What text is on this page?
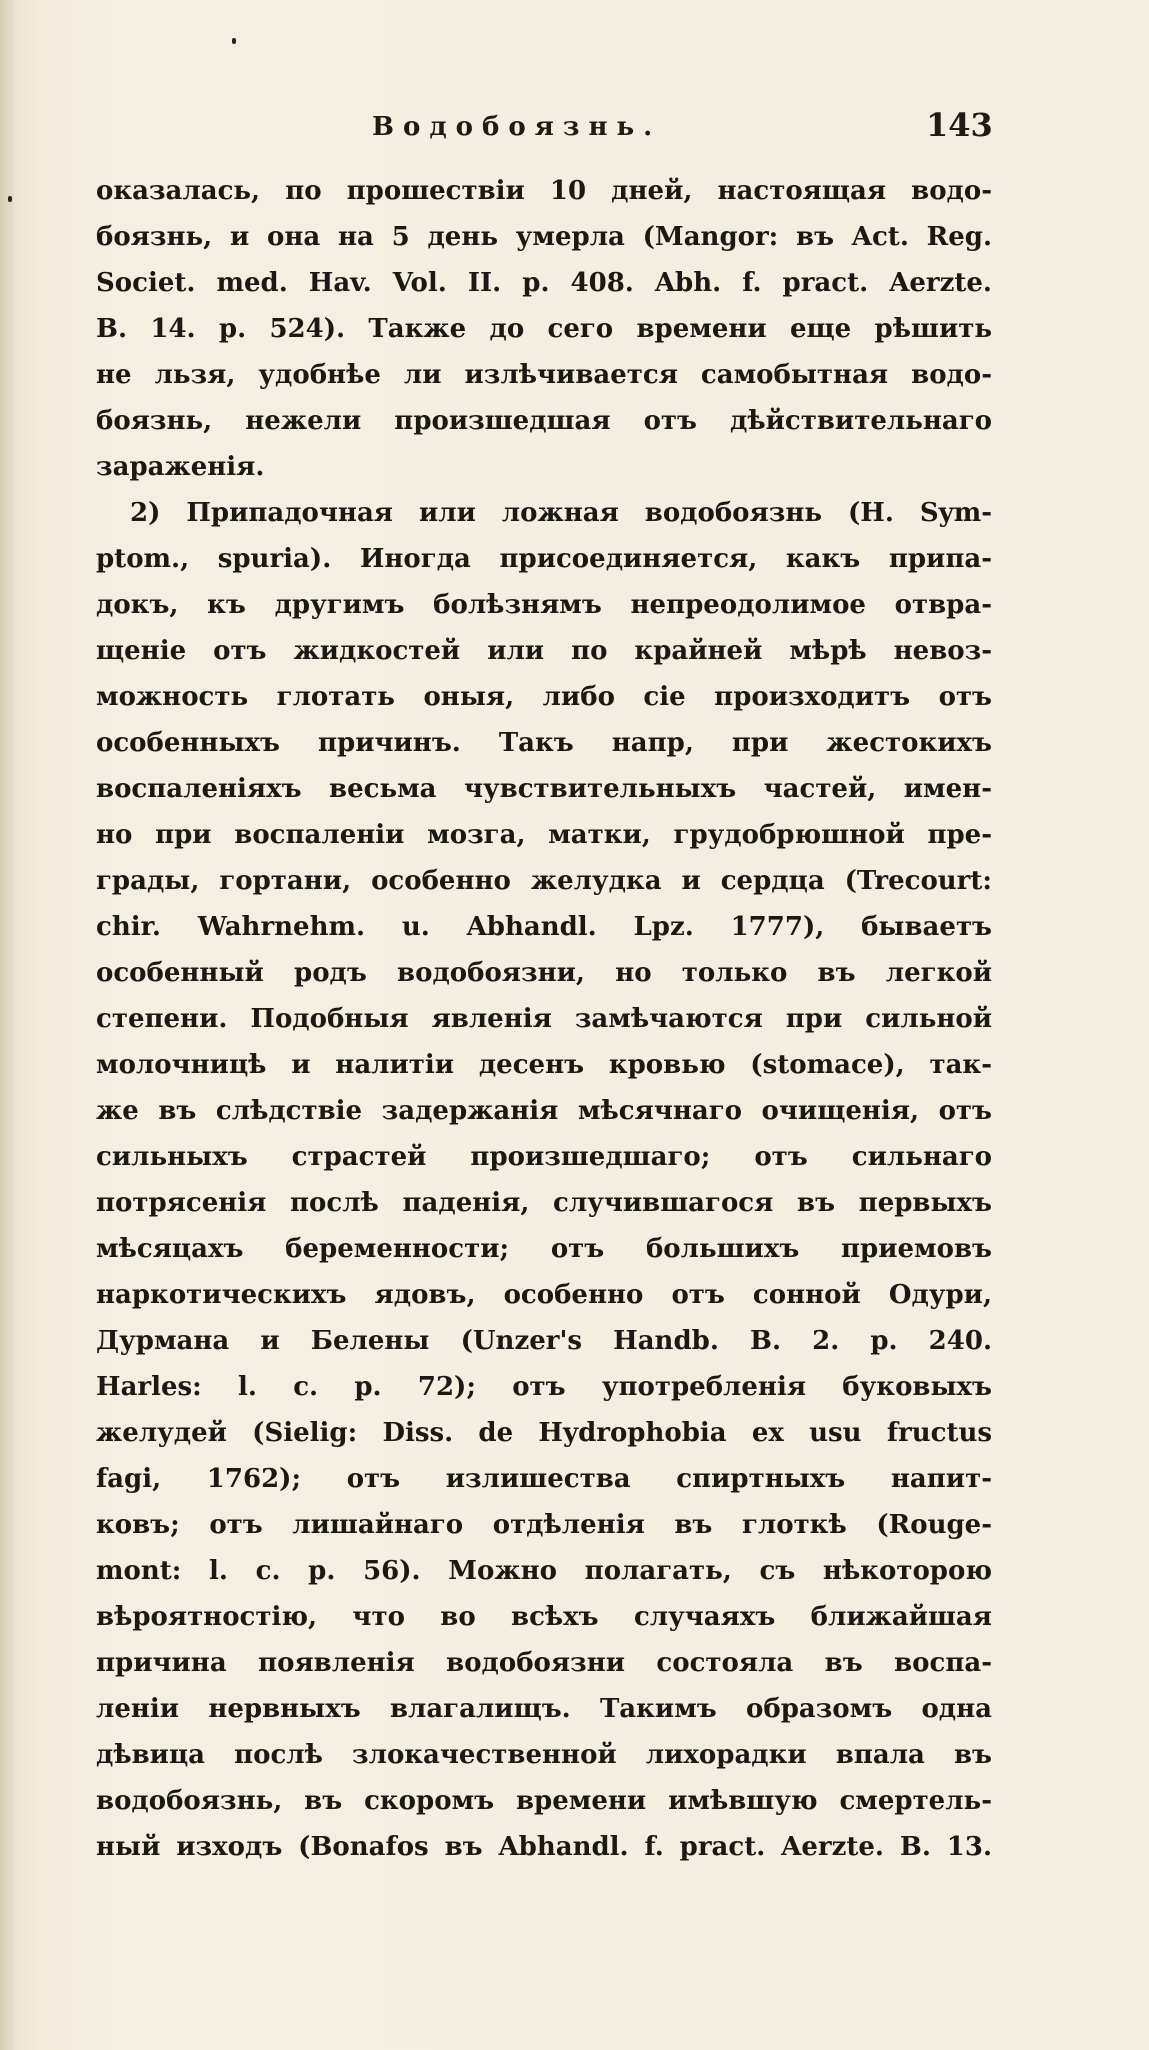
Водобоязнь.	143
оказалась, по прошествіи 10 дней, настоящая водо-
боязнь, и она на 5 день умерла (Mangor: въ Act. Reg.
Societ. med. Hav. Vol. II. p. 408. Abh. f. pract. Aerzte.
B. 14. p. 524). Также до сего времени еще рѣшить
не льзя, удобнѣе ли излѣчивается самобытная водо-
боязнь, нежели произшедшая отъ дѣйствительнаго
зараженія.
2) Припадочная или ложная водобоязнь (H. Sym-
ptom., spuria). Иногда присоединяется, какъ припа-
докъ, къ другимъ болѣзнямъ непреодолимое отвра-
щеніе отъ жидкостей или по крайней мѣрѣ невоз-
можность глотать оныя, либо сіе произходитъ отъ
особенныхъ причинъ. Такъ напр, при жестокихъ
воспаленіяхъ весьма чувствительныхъ частей, имен-
но при воспаленіи мозга, матки, грудобрюшной пре-
грады, гортани, особенно желудка и сердца (Trecourt:
chir. Wahrnehm. u. Abhandl. Lpz. 1777), бываетъ
особенный родъ водобоязни, но только въ легкой
степени. Подобныя явленія замѣчаются при сильной
молочницѣ и налитіи десенъ кровью (stomace), так-
же въ слѣдствіе задержанія мѣсячнаго очищенія, отъ
сильныхъ страстей произшедшаго; отъ сильнаго
потрясенія послѣ паденія, случившагося въ первыхъ
мѣсяцахъ беременности; отъ большихъ приемовъ
наркотическихъ ядовъ, особенно отъ сонной Одури,
Дурмана и Белены (Unzer's Handb. B. 2. p. 240.
Harles: l. c. p. 72); отъ употребленія буковыхъ
желудей (Sielig: Diss. de Hydrophobia ex usu fructus
fagi, 1762); отъ излишества спиртныхъ напит-
ковъ; отъ лишайнаго отдѣленія въ глоткѣ (Rouge-
mont: l. c. p. 56). Можно полагать, съ нѣкоторою
вѣроятностію, что во всѣхъ случаяхъ ближайшая
причина появленія водобоязни состояла въ воспа-
леніи нервныхъ влагалищъ. Такимъ образомъ одна
дѣвица послѣ злокачественной лихорадки впала въ
водобоязнь, въ скоромъ времени имѣвшую смертель-
ный изходъ (Bonafos въ Abhandl. f. pract. Aerzte. B. 13.
